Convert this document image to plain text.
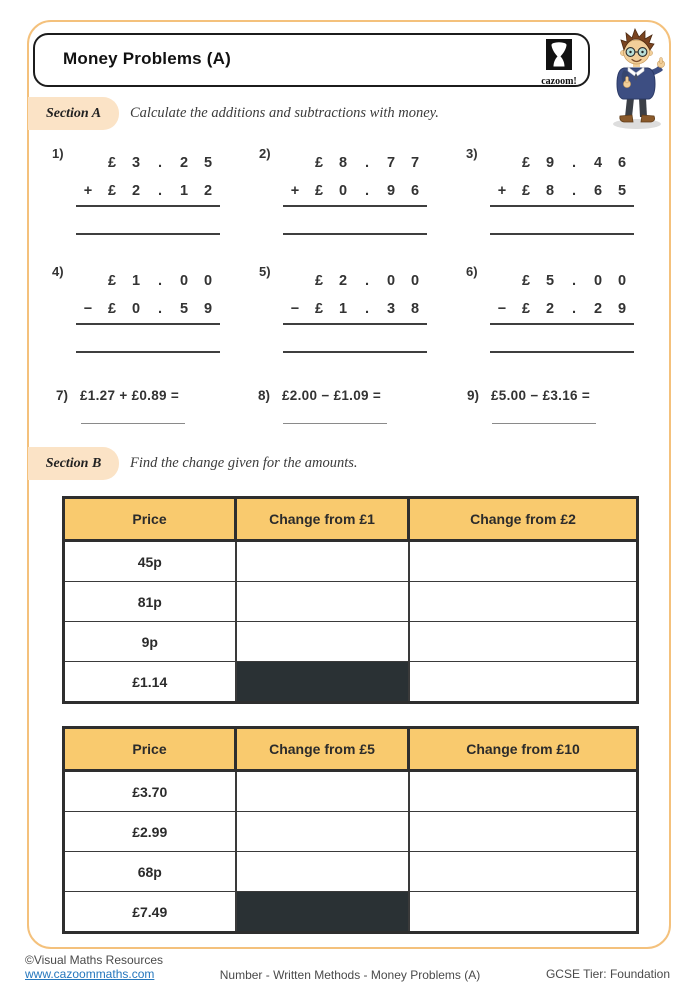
Money Problems (A)
cazoom!
Section A Calculate the additions and subtractions with money.
1)
£	3	.	2	5
+	£	2	.	1	2
2)
£	8	.	7	7
+	£	0	.	9	6
3)
£	9	.	4	6
+	£	8	.	6	5
4)
£	1	.	0	0
−	£	0	.	5	9
5)
£	2	.	0	0
−	£	1	.	3	8
6)
£	5	.	0	0
−	£	2	.	2	9
7) £1.27 + £0.89 =	8) £2.00 − £1.09 =	9) £5.00 − £3.16 =
Section B Find the change given for the amounts.
Price	Change from £1	Change from £2
45p		
81p		
9p		
£1.14		
Price	Change from £5	Change from £10
£3.70		
£2.99		
68p		
£7.49		
©Visual Maths Resources
www.cazoommaths.com	Number - Written Methods - Money Problems (A)	GCSE Tier: Foundation
